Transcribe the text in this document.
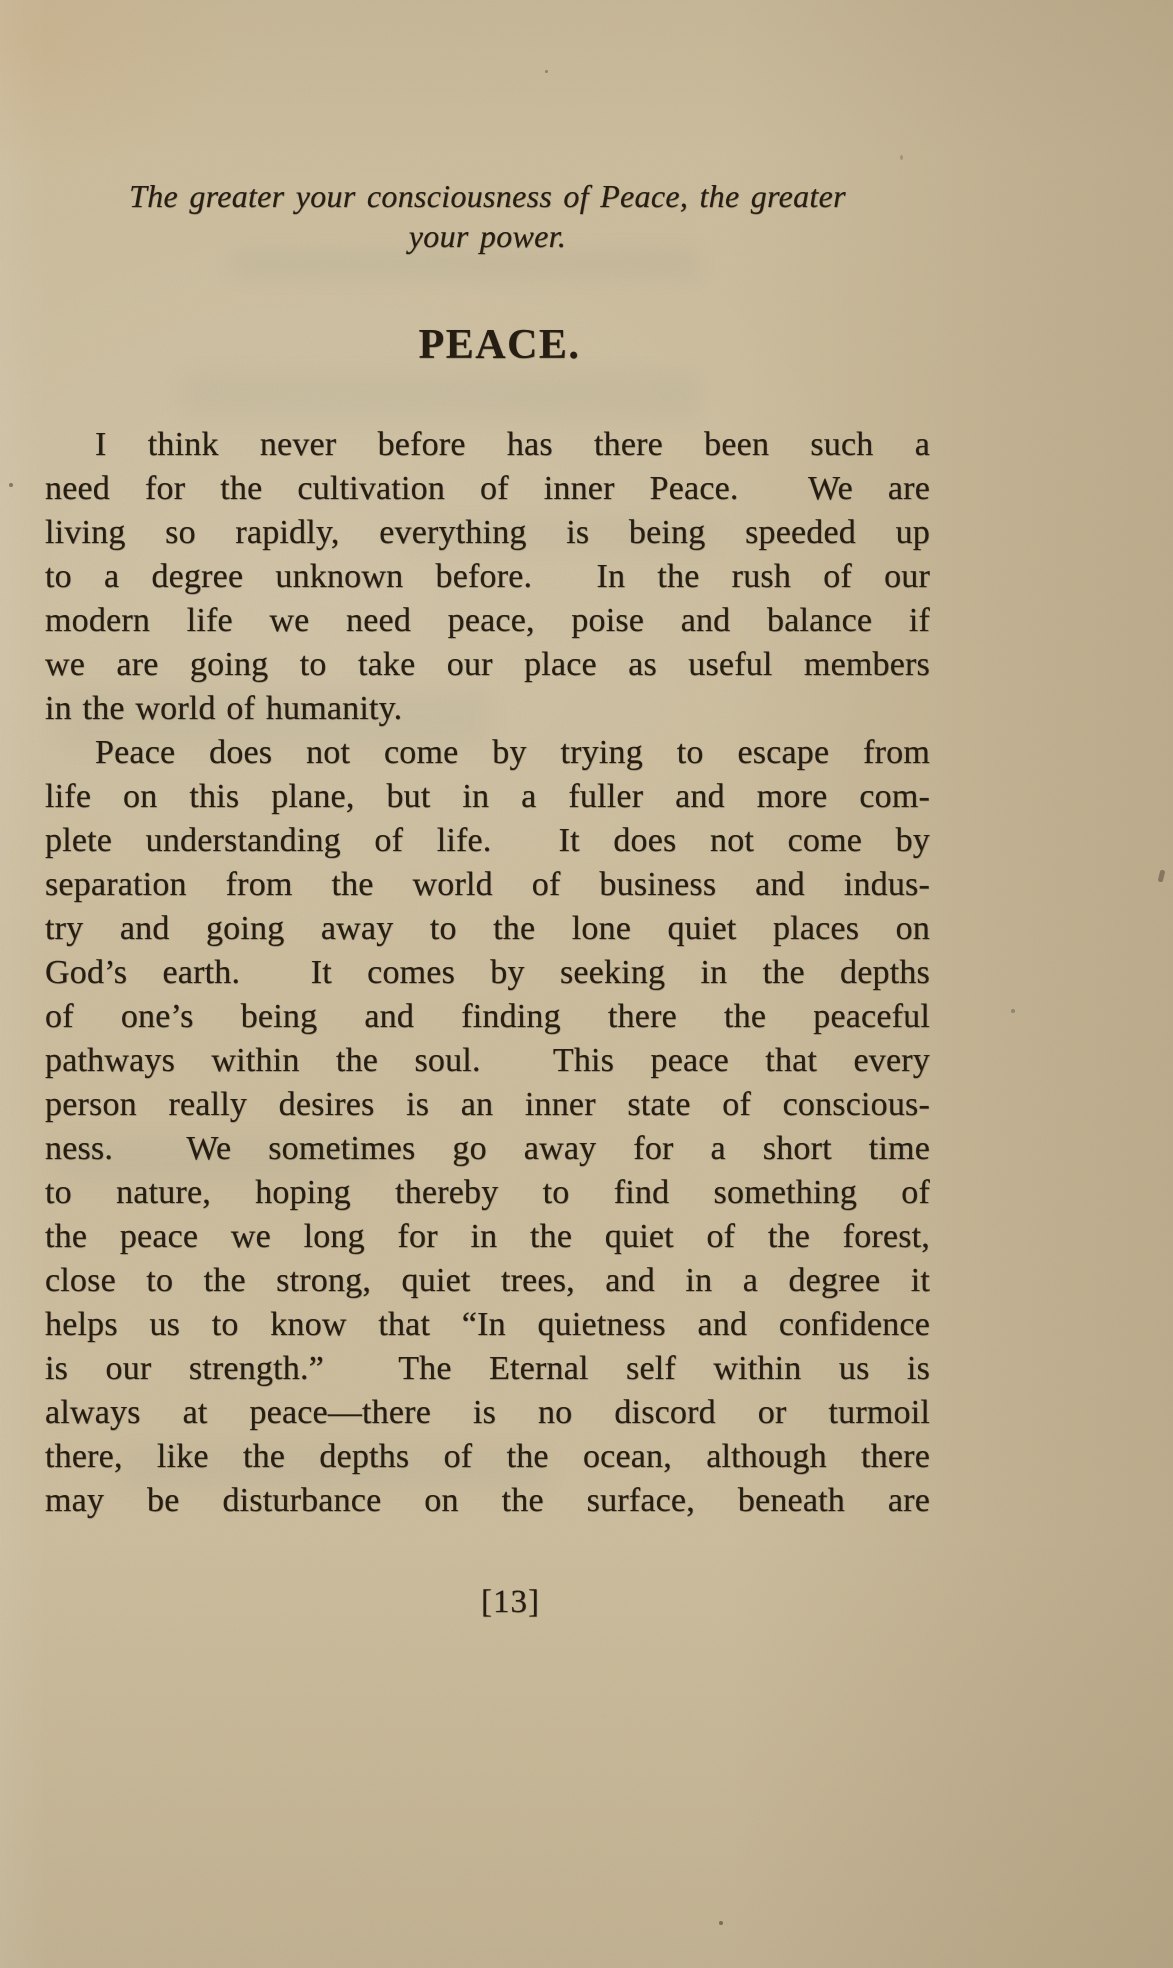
The greater your consciousness of Peace, the greater
your power.
PEACE.
I think never before has there been such a
need for the cultivation of inner Peace.  We are
living so rapidly, everything is being speeded up
to a degree unknown before.  In the rush of our
modern life we need peace, poise and balance if
we are going to take our place as useful members
in the world of humanity.
Peace does not come by trying to escape from
life on this plane, but in a fuller and more com-
plete understanding of life.  It does not come by
separation from the world of business and indus-
try and going away to the lone quiet places on
God’s earth.  It comes by seeking in the depths
of one’s being and finding there the peaceful
pathways within the soul.  This peace that every
person really desires is an inner state of conscious-
ness.  We sometimes go away for a short time
to nature, hoping thereby to find something of
the peace we long for in the quiet of the forest,
close to the strong, quiet trees, and in a degree it
helps us to know that “In quietness and confidence
is our strength.”  The Eternal self within us is
always at peace—there is no discord or turmoil
there, like the depths of the ocean, although there
may be disturbance on the surface, beneath are
[13]
